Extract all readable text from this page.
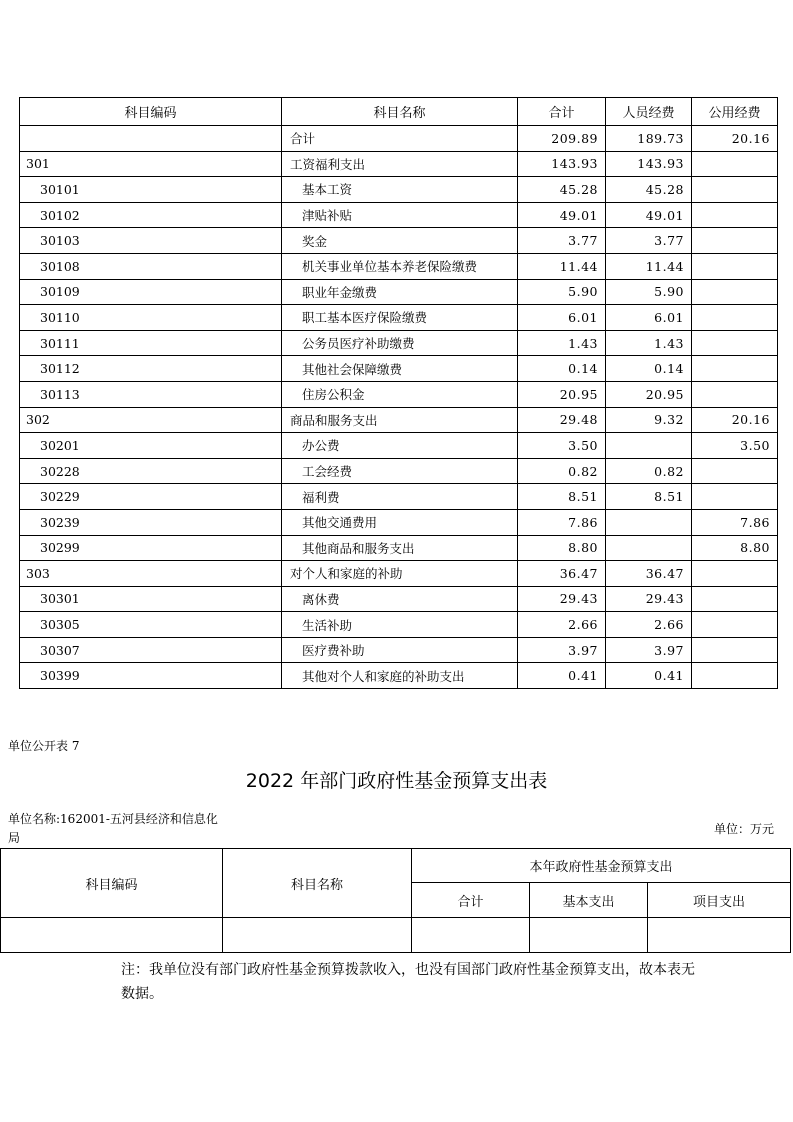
科目编码	科目名称	合计	人员经费	公用经费
	合计	209.89	189.73	20.16
301	工资福利支出	143.93	143.93	
30101	基本工资	45.28	45.28	
30102	津贴补贴	49.01	49.01	
30103	奖金	3.77	3.77	
30108	机关事业单位基本养老保险缴费	11.44	11.44	
30109	职业年金缴费	5.90	5.90	
30110	职工基本医疗保险缴费	6.01	6.01	
30111	公务员医疗补助缴费	1.43	1.43	
30112	其他社会保障缴费	0.14	0.14	
30113	住房公积金	20.95	20.95	
302	商品和服务支出	29.48	9.32	20.16
30201	办公费	3.50		3.50
30228	工会经费	0.82	0.82	
30229	福利费	8.51	8.51	
30239	其他交通费用	7.86		7.86
30299	其他商品和服务支出	8.80		8.80
303	对个人和家庭的补助	36.47	36.47	
30301	离休费	29.43	29.43	
30305	生活补助	2.66	2.66	
30307	医疗费补助	3.97	3.97	
30399	其他对个人和家庭的补助支出	0.41	0.41	
单位公开表 7
2022 年部门政府性基金预算支出表
单位名称:162001-五河县经济和信息化局
单位：万元
科目编码	科目名称	本年政府性基金预算支出		
		合计	基本支出	项目支出

注：我单位没有部门政府性基金预算拨款收入，也没有国部门政府性基金预算支出，故本表无数据。
